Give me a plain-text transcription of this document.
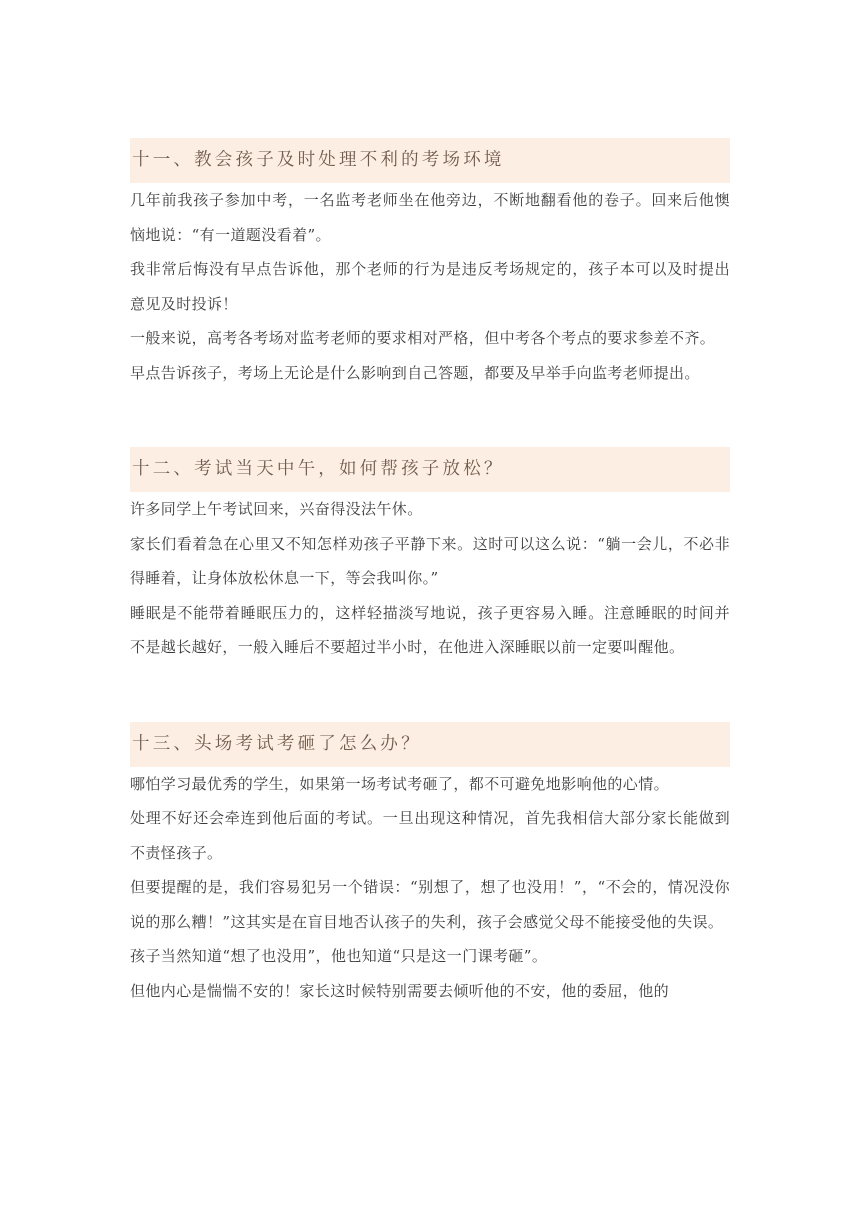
十一、教会孩子及时处理不利的考场环境

几年前我孩子参加中考，一名监考老师坐在他旁边，不断地翻看他的卷子。回来后他懊恼地说：“有一道题没看着”。

我非常后悔没有早点告诉他，那个老师的行为是违反考场规定的，孩子本可以及时提出意见及时投诉！

一般来说，高考各考场对监考老师的要求相对严格，但中考各个考点的要求参差不齐。

早点告诉孩子，考场上无论是什么影响到自己答题，都要及早举手向监考老师提出。

十二、考试当天中午，如何帮孩子放松？

许多同学上午考试回来，兴奋得没法午休。

家长们看着急在心里又不知怎样劝孩子平静下来。这时可以这么说：“躺一会儿，不必非得睡着，让身体放松休息一下，等会我叫你。”

睡眠是不能带着睡眠压力的，这样轻描淡写地说，孩子更容易入睡。注意睡眠的时间并不是越长越好，一般入睡后不要超过半小时，在他进入深睡眠以前一定要叫醒他。

十三、头场考试考砸了怎么办？

哪怕学习最优秀的学生，如果第一场考试考砸了，都不可避免地影响他的心情。

处理不好还会牵连到他后面的考试。一旦出现这种情况，首先我相信大部分家长能做到不责怪孩子。

但要提醒的是，我们容易犯另一个错误：“别想了，想了也没用！”，“不会的，情况没你说的那么糟！”这其实是在盲目地否认孩子的失利，孩子会感觉父母不能接受他的失误。

孩子当然知道“想了也没用”，他也知道“只是这一门课考砸”。

但他内心是惴惴不安的！家长这时候特别需要去倾听他的不安，他的委屈，他的
